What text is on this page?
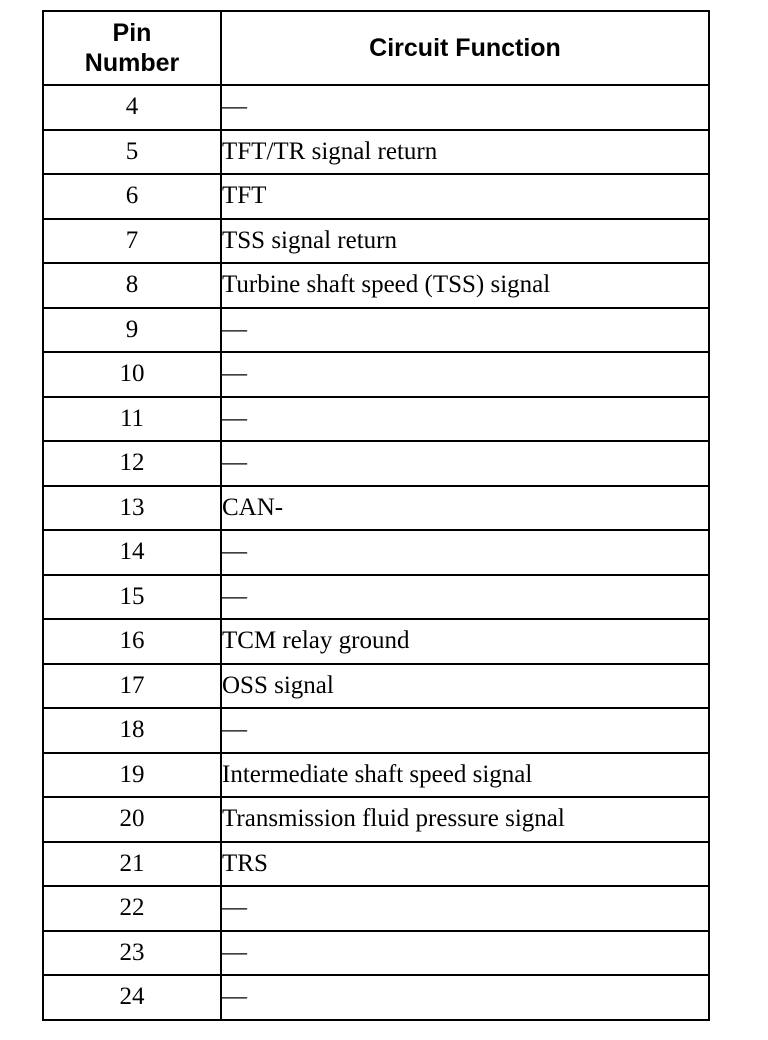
Pin
Number	Circuit Function
4	—
5	TFT/TR signal return
6	TFT
7	TSS signal return
8	Turbine shaft speed (TSS) signal
9	—
10	—
11	—
12	—
13	CAN-
14	—
15	—
16	TCM relay ground
17	OSS signal
18	—
19	Intermediate shaft speed signal
20	Transmission fluid pressure signal
21	TRS
22	—
23	—
24	—
